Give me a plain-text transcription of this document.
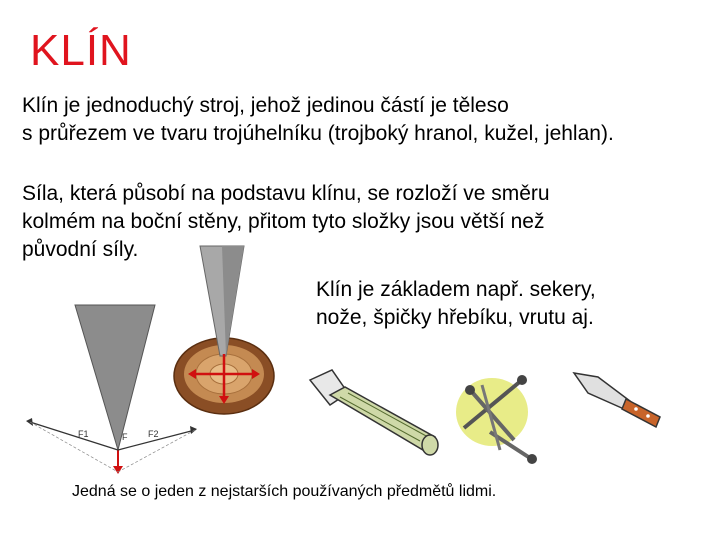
KLÍN
Klín je jednoduchý stroj, jehož jedinou částí je těleso
s průřezem ve tvaru trojúhelníku (trojboký hranol, kužel, jehlan).
Síla, která působí na podstavu klínu, se rozloží ve směru
kolmém na boční stěny, přitom tyto složky jsou větší než
původní síly.
Klín je základem např. sekery,
nože, špičky hřebíku, vrutu aj.
F1	F F2
Jedná se o jeden z nejstarších používaných předmětů lidmi.
